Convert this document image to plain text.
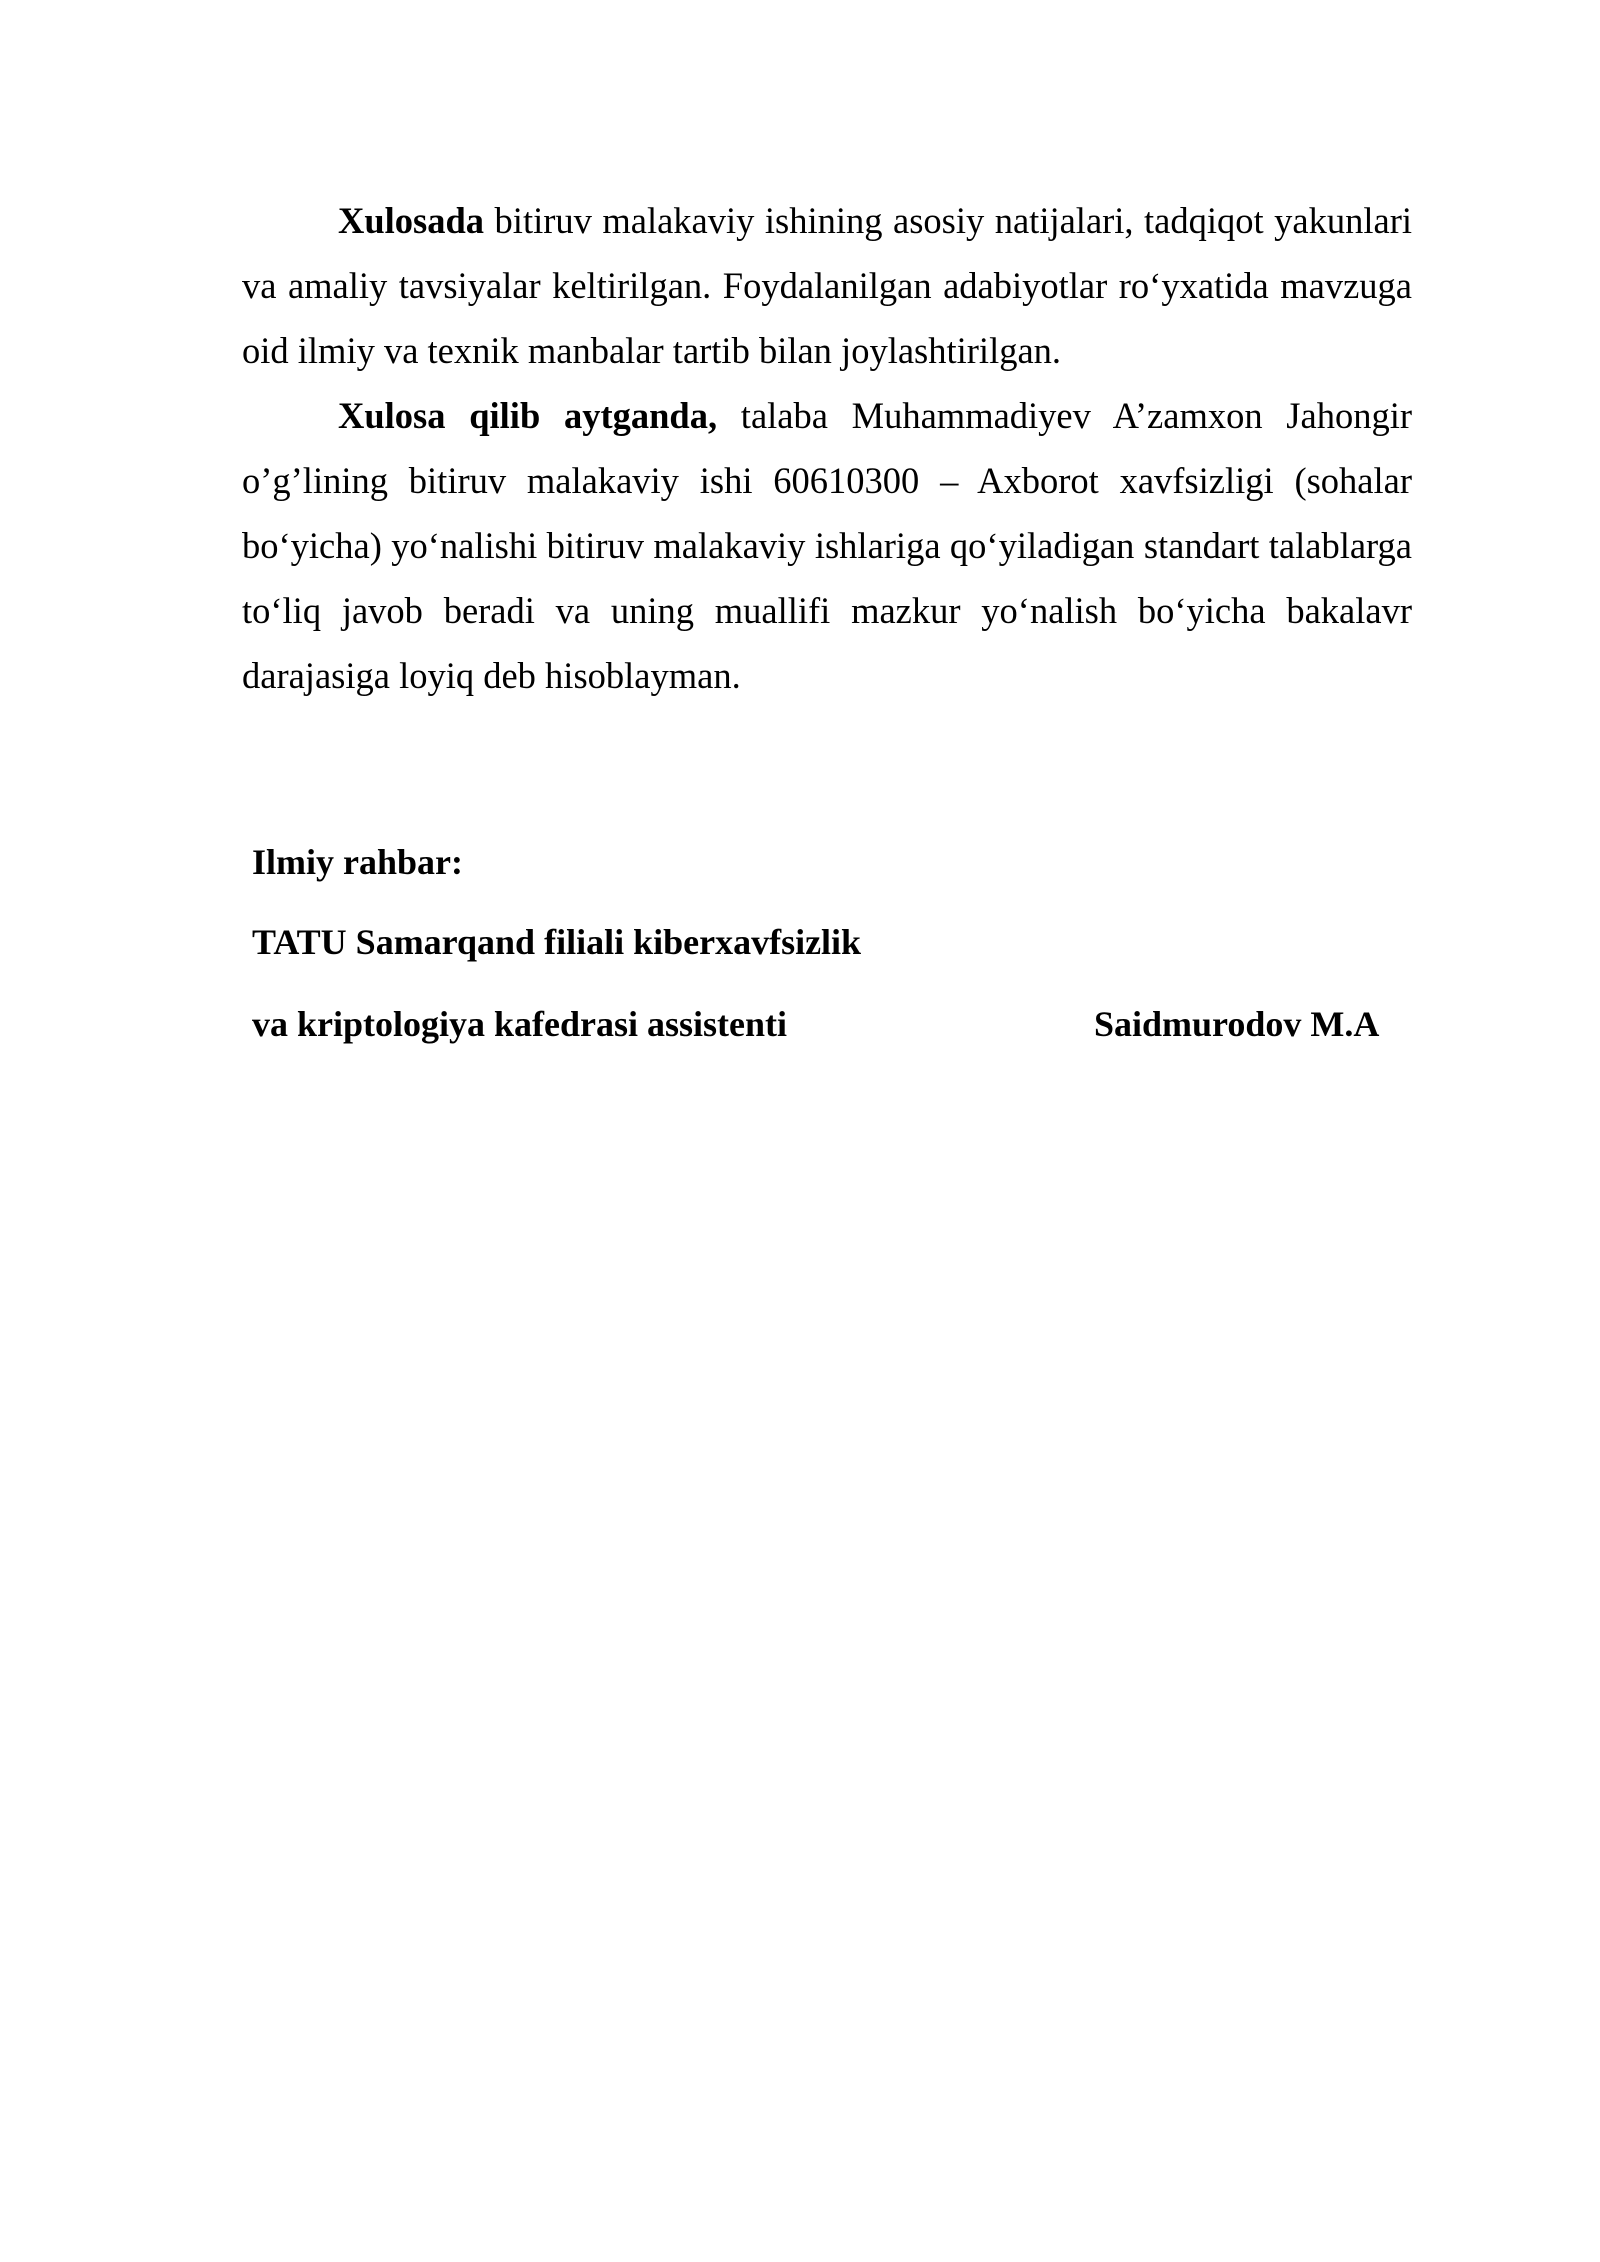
Xulosada bitiruv malakaviy ishining asosiy natijalari, tadqiqot yakunlari va amaliy tavsiyalar keltirilgan. Foydalanilgan adabiyotlar ro‘yxatida mavzuga oid ilmiy va texnik manbalar tartib bilan joylashtirilgan.

Xulosa qilib aytganda, talaba Muhammadiyev A’zamxon Jahongir o’g’lining bitiruv malakaviy ishi 60610300 – Axborot xavfsizligi (sohalar bo‘yicha) yo‘nalishi bitiruv malakaviy ishlariga qo‘yiladigan standart talablarga to‘liq javob beradi va uning muallifi mazkur yo‘nalish bo‘yicha bakalavr darajasiga loyiq deb hisoblayman.

Ilmiy rahbar:
TATU Samarqand filiali kiberxavfsizlik
va kriptologiya kafedrasi assistenti	Saidmurodov M.A
